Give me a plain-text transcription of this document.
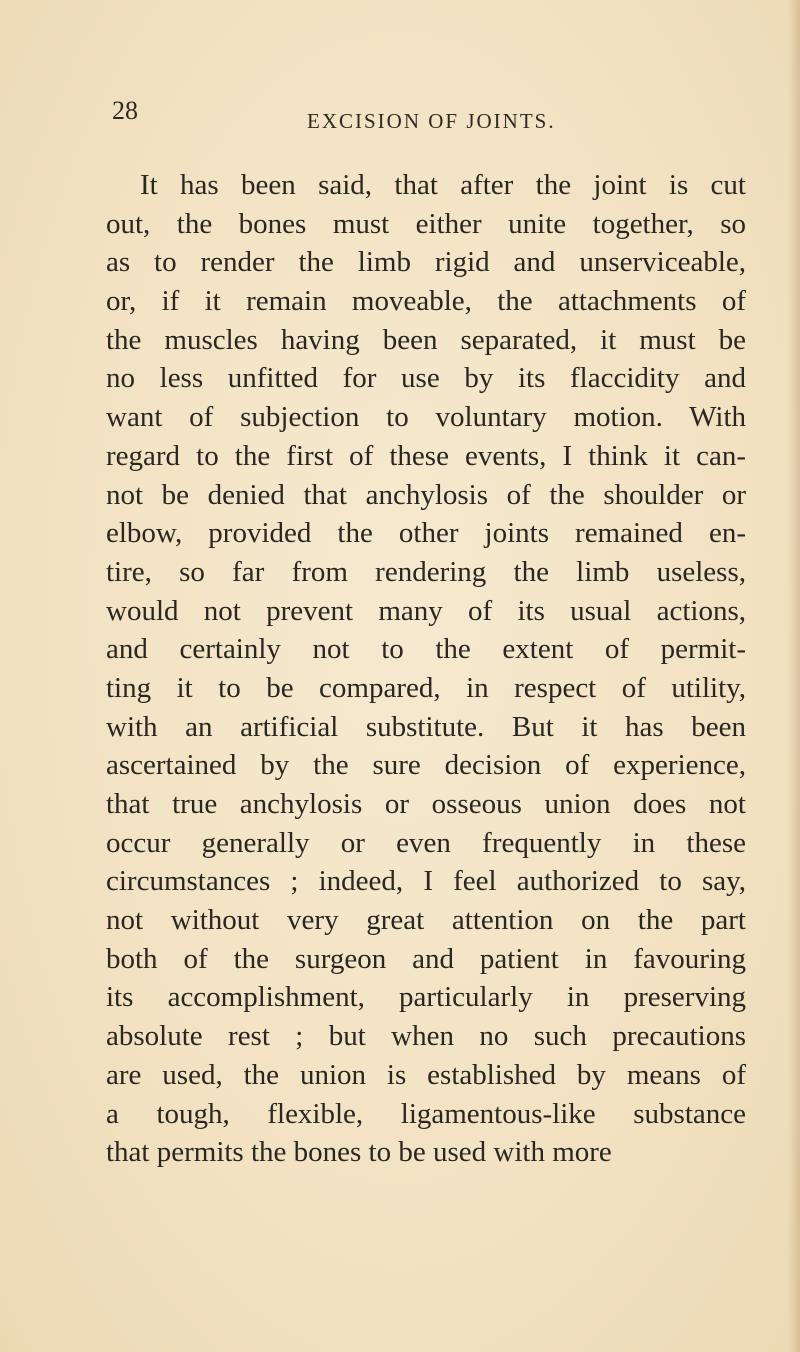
28	EXCISION OF JOINTS.
It has been said, that after the joint is cut
out, the bones must either unite together, so
as to render the limb rigid and unserviceable,
or, if it remain moveable, the attachments of
the muscles having been separated, it must be
no less unfitted for use by its flaccidity and
want of subjection to voluntary motion. With
regard to the first of these events, I think it can-
not be denied that anchylosis of the shoulder or
elbow, provided the other joints remained en-
tire, so far from rendering the limb useless,
would not prevent many of its usual actions,
and certainly not to the extent of permit-
ting it to be compared, in respect of utility,
with an artificial substitute. But it has been
ascertained by the sure decision of experience,
that true anchylosis or osseous union does not
occur generally or even frequently in these
circumstances ; indeed, I feel authorized to say,
not without very great attention on the part
both of the surgeon and patient in favouring
its accomplishment, particularly in preserving
absolute rest ; but when no such precautions
are used, the union is established by means of
a tough, flexible, ligamentous-like substance
that permits the bones to be used with more
